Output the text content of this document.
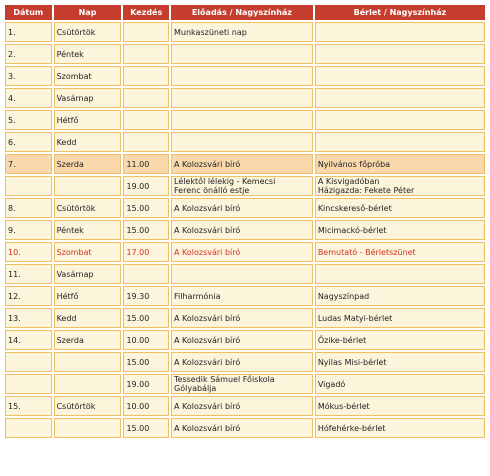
Dátum	Nap	Kezdés	Előadás / Nagyszínház	Bérlet / Nagyszínház
1.	Csütörtök		Munkaszüneti nap	

2.	Péntek		

3.	Szombat		

4.	Vasárnap		

5.	Hétfő		

6.	Kedd		

7.	Szerda	11.00	A Kolozsvári bíró	Nyilvános főpróba

		19.00	Lélektől lélekig - Kemecsi
Ferenc önálló estje	A Kisvigadóban
Házigazda: Fekete Péter

8.	Csütörtök	15.00	A Kolozsvári bíró	Kincskereső-bérlet

9.	Péntek	15.00	A Kolozsvári bíró	Micimackó-bérlet

10.	Szombat	17.00	A Kolozsvári bíró	Bemutató - Bérletszünet

11.	Vasárnap		

12.	Hétfő	19.30	Filharmónia	Nagyszínpad

13.	Kedd	15.00	A Kolozsvári bíró	Ludas Matyi-bérlet

14.	Szerda	10.00	A Kolozsvári bíró	Őzike-bérlet

		15.00	A Kolozsvári bíró	Nyilas Misi-bérlet

		19.00	Tessedik Sámuel Főiskola
Gólyabálja	Vigadó

15.	Csütörtök	10.00	A Kolozsvári bíró	Mókus-bérlet

		15.00	A Kolozsvári bíró	Hófehérke-bérlet
